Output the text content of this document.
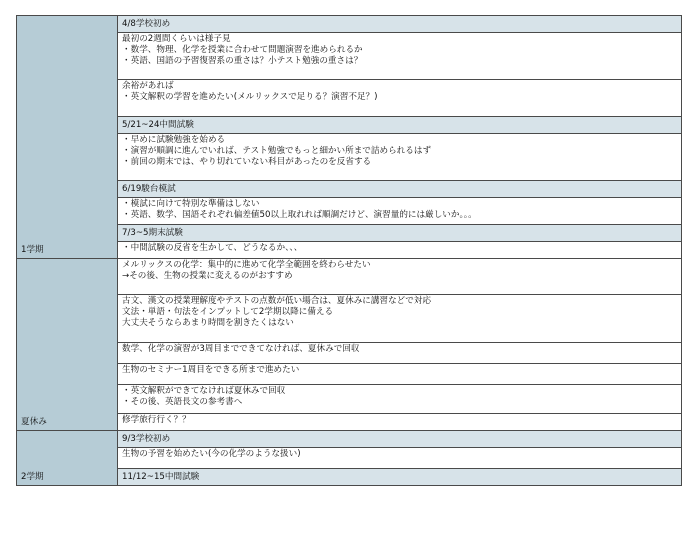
1学期	4/8学校初め

	最初の2週間くらいは様子見
・数学、物理、化学を授業に合わせて問題演習を進められるか
・英語、国語の予習復習系の重さは？小テスト勉強の重さは？

	余裕があれば
・英文解釈の学習を進めたい(メルリックスで足りる？演習不足？)

	5/21~24中間試験

	・早めに試験勉強を始める
・演習が順調に進んでいれば、テスト勉強でもっと細かい所まで詰められるはず
・前回の期末では、やり切れていない科目があったのを反省する

	6/19駿台模試

	・模試に向けて特別な準備はしない
・英語、数学、国語それぞれ偏差値50以上取れれば順調だけど、演習量的には厳しいか。。。

	7/3~5期末試験

	・中間試験の反省を生かして、どうなるか、、、

夏休み	メルリックスの化学：集中的に進めて化学全範囲を終わらせたい
→その後、生物の授業に変えるのがおすすめ

	古文、漢文の授業理解度やテストの点数が低い場合は、夏休みに講習などで対応
文法・単語・句法をインプットして2学期以降に備える
大丈夫そうならあまり時間を割きたくはない

	数学、化学の演習が3周目までできてなければ、夏休みで回収

	生物のセミナー1周目をできる所まで進めたい

	・英文解釈ができてなければ夏休みで回収
・その後、英語長文の参考書へ

	修学旅行行く？？

2学期	9/3学校初め

	生物の予習を始めたい(今の化学のような扱い)

	11/12~15中間試験
